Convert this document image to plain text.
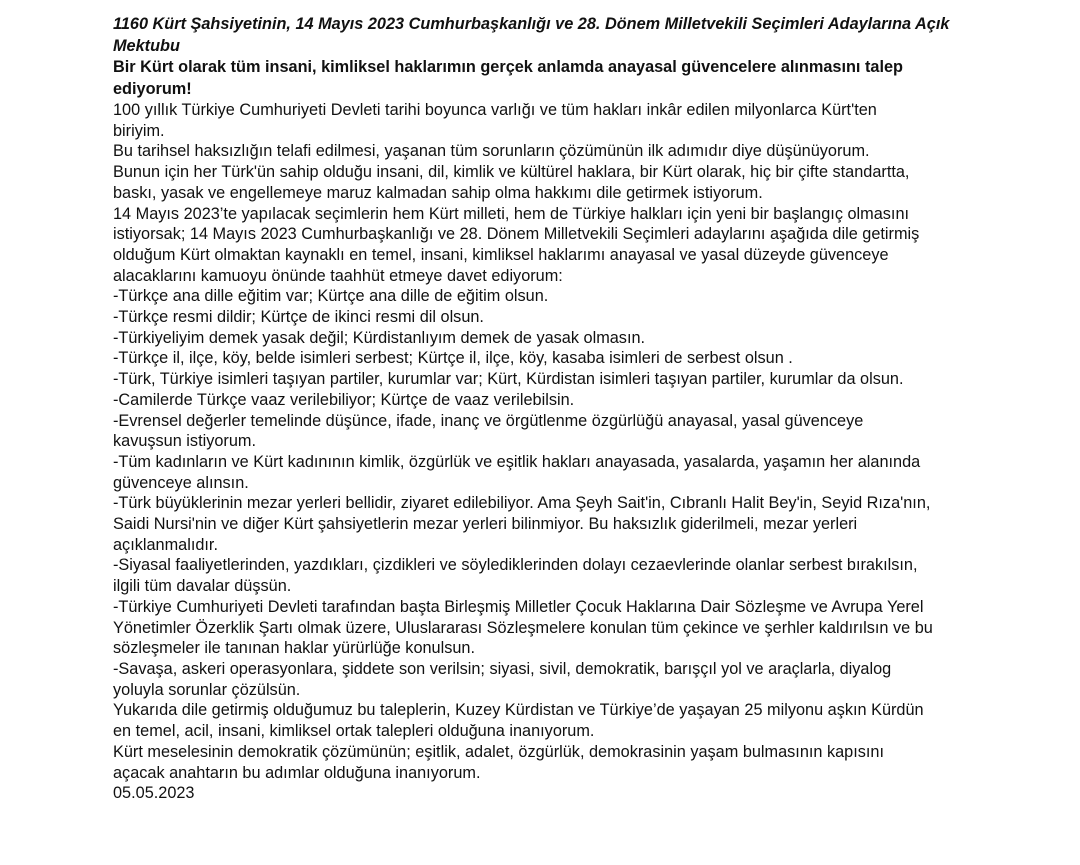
1160 Kürt Şahsiyetinin, 14 Mayıs 2023 Cumhurbaşkanlığı ve 28. Dönem Milletvekili Seçimleri Adaylarına Açık

Mektubu

Bir Kürt olarak tüm insani, kimliksel haklarımın gerçek anlamda anayasal güvencelere alınmasını talep

ediyorum!

100 yıllık Türkiye Cumhuriyeti Devleti tarihi boyunca varlığı ve tüm hakları inkâr edilen milyonlarca Kürt'ten

biriyim.

Bu tarihsel haksızlığın telafi edilmesi, yaşanan tüm sorunların çözümünün ilk adımıdır diye düşünüyorum.

Bunun için her Türk'ün sahip olduğu insani, dil, kimlik ve kültürel haklara, bir Kürt olarak, hiç bir çifte standartta,

baskı, yasak ve engellemeye maruz kalmadan sahip olma hakkımı dile getirmek istiyorum.

14 Mayıs 2023’te yapılacak seçimlerin hem Kürt milleti, hem de Türkiye halkları için yeni bir başlangıç olmasını

istiyorsak; 14 Mayıs 2023 Cumhurbaşkanlığı ve 28. Dönem Milletvekili Seçimleri adaylarını aşağıda dile getirmiş

olduğum Kürt olmaktan kaynaklı en temel, insani, kimliksel haklarımı anayasal ve yasal düzeyde güvenceye

alacaklarını kamuoyu önünde taahhüt etmeye davet ediyorum:

-Türkçe ana dille eğitim var; Kürtçe ana dille de eğitim olsun.

-Türkçe resmi dildir; Kürtçe de ikinci resmi dil olsun.

-Türkiyeliyim demek yasak değil; Kürdistanlıyım demek de yasak olmasın.

-Türkçe il, ilçe, köy, belde isimleri serbest; Kürtçe il, ilçe, köy, kasaba isimleri de serbest olsun .

-Türk, Türkiye isimleri taşıyan partiler, kurumlar var; Kürt, Kürdistan isimleri taşıyan partiler, kurumlar da olsun.

-Camilerde Türkçe vaaz verilebiliyor; Kürtçe de vaaz verilebilsin.

-Evrensel değerler temelinde düşünce, ifade, inanç ve örgütlenme özgürlüğü anayasal, yasal güvenceye

kavuşsun istiyorum.

-Tüm kadınların ve Kürt kadınının kimlik, özgürlük ve eşitlik hakları anayasada, yasalarda, yaşamın her alanında

güvenceye alınsın.

-Türk büyüklerinin mezar yerleri bellidir, ziyaret edilebiliyor. Ama Şeyh Sait'in, Cıbranlı Halit Bey'in, Seyid Rıza'nın,

Saidi Nursi'nin ve diğer Kürt şahsiyetlerin mezar yerleri bilinmiyor. Bu haksızlık giderilmeli, mezar yerleri

açıklanmalıdır.

-Siyasal faaliyetlerinden, yazdıkları, çizdikleri ve söylediklerinden dolayı cezaevlerinde olanlar serbest bırakılsın,

ilgili tüm davalar düşsün.

-Türkiye Cumhuriyeti Devleti tarafından başta Birleşmiş Milletler Çocuk Haklarına Dair Sözleşme ve Avrupa Yerel

Yönetimler Özerklik Şartı olmak üzere, Uluslararası Sözleşmelere konulan tüm çekince ve şerhler kaldırılsın ve bu

sözleşmeler ile tanınan haklar yürürlüğe konulsun.

-Savaşa, askeri operasyonlara, şiddete son verilsin; siyasi, sivil, demokratik, barışçıl yol ve araçlarla, diyalog

yoluyla sorunlar çözülsün.

Yukarıda dile getirmiş olduğumuz bu taleplerin, Kuzey Kürdistan ve Türkiye’de yaşayan 25 milyonu aşkın Kürdün

en temel, acil, insani, kimliksel ortak talepleri olduğuna inanıyorum.

Kürt meselesinin demokratik çözümünün; eşitlik, adalet, özgürlük, demokrasinin yaşam bulmasının kapısını

açacak anahtarın bu adımlar olduğuna inanıyorum.

05.05.2023
